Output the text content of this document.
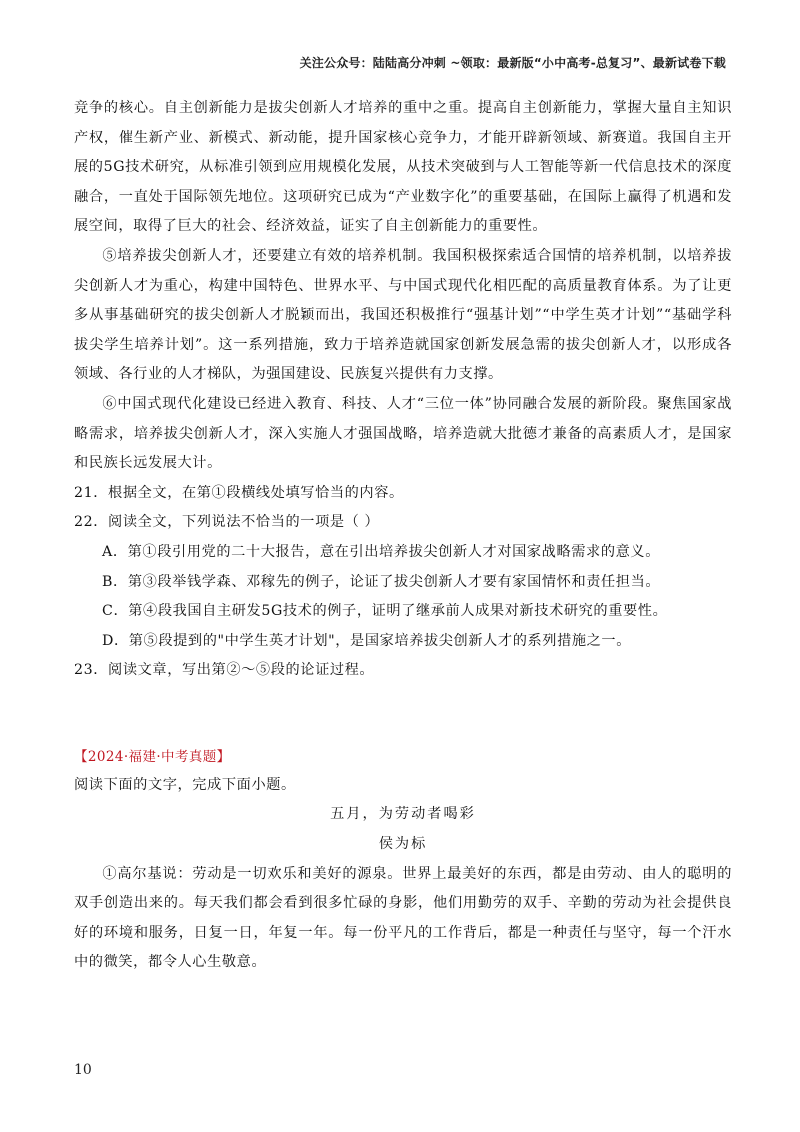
关注公众号：陆陆高分冲刺 ~领取：最新版“小中高考-总复习”、最新试卷下载

竞争的核心。自主创新能力是拔尖创新人才培养的重中之重。提高自主创新能力，掌握大量自主知识产权，催生新产业、新模式、新动能，提升国家核心竞争力，才能开辟新领域、新赛道。我国自主开展的5G技术研究，从标准引领到应用规模化发展，从技术突破到与人工智能等新一代信息技术的深度融合，一直处于国际领先地位。这项研究已成为“产业数字化”的重要基础，在国际上赢得了机遇和发展空间，取得了巨大的社会、经济效益，证实了自主创新能力的重要性。

⑤培养拔尖创新人才，还要建立有效的培养机制。我国积极探索适合国情的培养机制，以培养拔尖创新人才为重心，构建中国特色、世界水平、与中国式现代化相匹配的高质量教育体系。为了让更多从事基础研究的拔尖创新人才脱颖而出，我国还积极推行“强基计划”“中学生英才计划”“基础学科拔尖学生培养计划”。这一系列措施，致力于培养造就国家创新发展急需的拔尖创新人才，以形成各领域、各行业的人才梯队，为强国建设、民族复兴提供有力支撑。

⑥中国式现代化建设已经进入教育、科技、人才“三位一体”协同融合发展的新阶段。聚焦国家战略需求，培养拔尖创新人才，深入实施人才强国战略，培养造就大批德才兼备的高素质人才，是国家和民族长远发展大计。

21．根据全文，在第①段横线处填写恰当的内容。

22．阅读全文，下列说法不恰当的一项是（ ）

A．第①段引用党的二十大报告，意在引出培养拔尖创新人才对国家战略需求的意义。

B．第③段举钱学森、邓稼先的例子，论证了拔尖创新人才要有家国情怀和责任担当。

C．第④段我国自主研发5G技术的例子，证明了继承前人成果对新技术研究的重要性。

D．第⑤段提到的"中学生英才计划"，是国家培养拔尖创新人才的系列措施之一。

23．阅读文章，写出第②～⑤段的论证过程。

【2024·福建·中考真题】

阅读下面的文字，完成下面小题。

五月，为劳动者喝彩

侯为标

①高尔基说：劳动是一切欢乐和美好的源泉。世界上最美好的东西，都是由劳动、由人的聪明的双手创造出来的。每天我们都会看到很多忙碌的身影，他们用勤劳的双手、辛勤的劳动为社会提供良好的环境和服务，日复一日，年复一年。每一份平凡的工作背后，都是一种责任与坚守，每一个汗水中的微笑，都令人心生敬意。

10
